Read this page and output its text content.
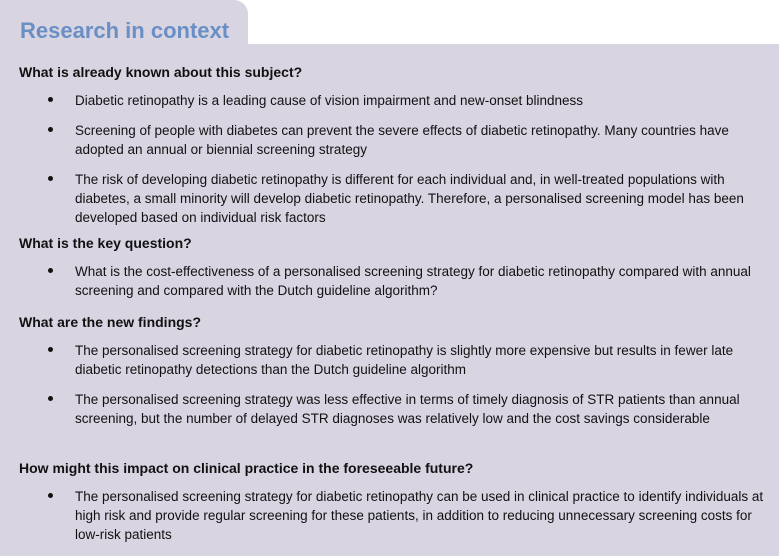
Research in context
What is already known about this subject?
Diabetic retinopathy is a leading cause of vision impairment and new-onset blindness
Screening of people with diabetes can prevent the severe effects of diabetic retinopathy. Many countries have adopted an annual or biennial screening strategy
The risk of developing diabetic retinopathy is different for each individual and, in well-treated populations with diabetes, a small minority will develop diabetic retinopathy. Therefore, a personalised screening model has been developed based on individual risk factors
What is the key question?
What is the cost-effectiveness of a personalised screening strategy for diabetic retinopathy compared with annual screening and compared with the Dutch guideline algorithm?
What are the new findings?
The personalised screening strategy for diabetic retinopathy is slightly more expensive but results in fewer late diabetic retinopathy detections than the Dutch guideline algorithm
The personalised screening strategy was less effective in terms of timely diagnosis of STR patients than annual screening, but the number of delayed STR diagnoses was relatively low and the cost savings considerable
How might this impact on clinical practice in the foreseeable future?
The personalised screening strategy for diabetic retinopathy can be used in clinical practice to identify individuals at high risk and provide regular screening for these patients, in addition to reducing unnecessary screening costs for low-risk patients
